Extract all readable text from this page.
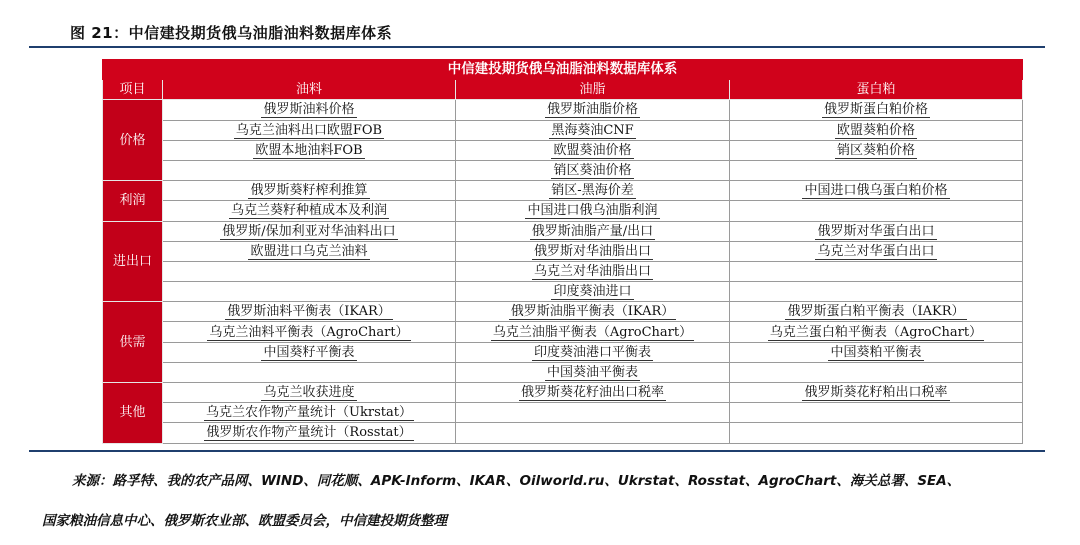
图 21：中信建投期货俄乌油脂油料数据库体系
中信建投期货俄乌油脂油料数据库体系			
项目	油料	油脂	蛋白粕
价格	俄罗斯油料价格	俄罗斯油脂价格	俄罗斯蛋白粕价格
	乌克兰油料出口欧盟FOB	黑海葵油CNF	欧盟葵粕价格
	欧盟本地油料FOB	欧盟葵油价格	销区葵粕价格
		销区葵油价格	
利润	俄罗斯葵籽榨利推算	销区-黑海价差	中国进口俄乌蛋白粕价格
	乌克兰葵籽种植成本及利润	中国进口俄乌油脂利润	
进出口	俄罗斯/保加利亚对华油料出口	俄罗斯油脂产量/出口	俄罗斯对华蛋白出口
	欧盟进口乌克兰油料	俄罗斯对华油脂出口	乌克兰对华蛋白出口
		乌克兰对华油脂出口	
		印度葵油进口	
供需	俄罗斯油料平衡表（IKAR）	俄罗斯油脂平衡表（IKAR）	俄罗斯蛋白粕平衡表（IAKR）
	乌克兰油料平衡表（AgroChart）	乌克兰油脂平衡表（AgroChart）	乌克兰蛋白粕平衡表（AgroChart）
	中国葵籽平衡表	印度葵油港口平衡表	中国葵粕平衡表
		中国葵油平衡表	
其他	乌克兰收获进度	俄罗斯葵花籽油出口税率	俄罗斯葵花籽粕出口税率
	乌克兰农作物产量统计（Ukrstat）		
	俄罗斯农作物产量统计（Rosstat）		
来源：路孚特、我的农产品网、WIND、同花顺、APK-Inform、IKAR、Oilworld.ru、Ukrstat、Rosstat、AgroChart、海关总署、SEA、
国家粮油信息中心、俄罗斯农业部、欧盟委员会，中信建投期货整理
